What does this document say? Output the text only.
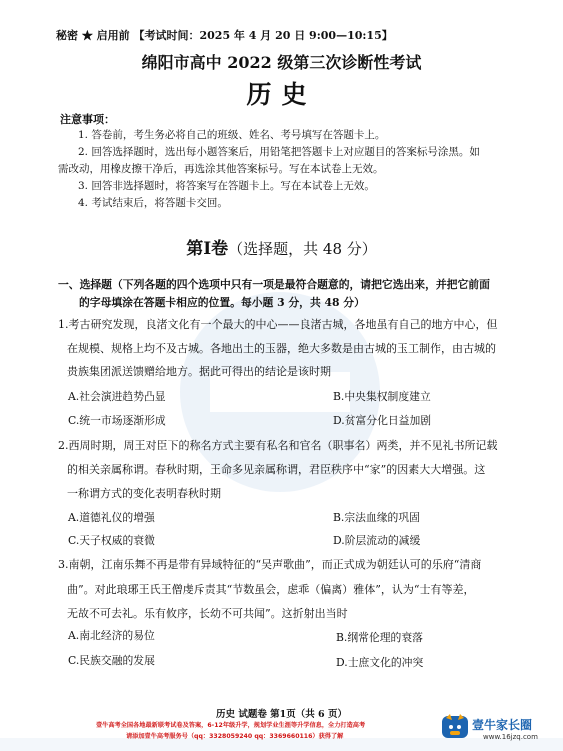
秘密 ★ 启用前 【考试时间：2025 年 4 月 20 日 9:00—10:15】
绵阳市高中 2022 级第三次诊断性考试
历史
注意事项：
1. 答卷前，考生务必将自己的班级、姓名、考号填写在答题卡上。
2. 回答选择题时，选出每小题答案后，用铅笔把答题卡上对应题目的答案标号涂黑。如
需改动，用橡皮擦干净后，再选涂其他答案标号。写在本试卷上无效。
3. 回答非选择题时，将答案写在答题卡上。写在本试卷上无效。
4. 考试结束后，将答题卡交回。
第Ⅰ卷（选择题，共 48 分）
一、选择题（下列各题的四个选项中只有一项是最符合题意的，请把它选出来，并把它前面
的字母填涂在答题卡相应的位置。每小题 3 分，共 48 分）
1.考古研究发现，良渚文化有一个最大的中心——良渚古城，各地虽有自己的地方中心，但
在规模、规格上均不及古城。各地出土的玉器，绝大多数是由古城的玉工制作，由古城的
贵族集团派送馈赠给地方。据此可得出的结论是该时期
A.社会演进趋势凸显	B.中央集权制度建立
C.统一市场逐渐形成	D.贫富分化日益加剧
2.西周时期，周王对臣下的称名方式主要有私名和官名（职事名）两类，并不见礼书所记载
的相关亲属称谓。春秋时期，王命多见亲属称谓，君臣秩序中“家”的因素大大增强。这
一称谓方式的变化表明春秋时期
A.道德礼仪的增强	B.宗法血缘的巩固
C.天子权威的衰微	D.阶层流动的减缓
3.南朝，江南乐舞不再是带有异域特征的“吴声歌曲”，而正式成为朝廷认可的乐府“清商
曲”。对此琅琊王氏王僧虔斥责其“节数虽会，虑乖（偏离）雅体”，认为“士有等差，
无故不可去礼。乐有攸序，长幼不可共闻”。这折射出当时
A.南北经济的易位	B.纲常伦理的衰落
C.民族交融的发展	D.士庶文化的冲突
历史 试题卷 第1页（共 6 页）
壹牛高考全国各地最新联考试卷及答案，6-12年级升学，规划学业生涯等升学信息，全力打造高考
请添加壹牛高考服务号（qq：3328059240 qq：3369660116）获得了解
壹牛家长圈
www.16jzq.com
